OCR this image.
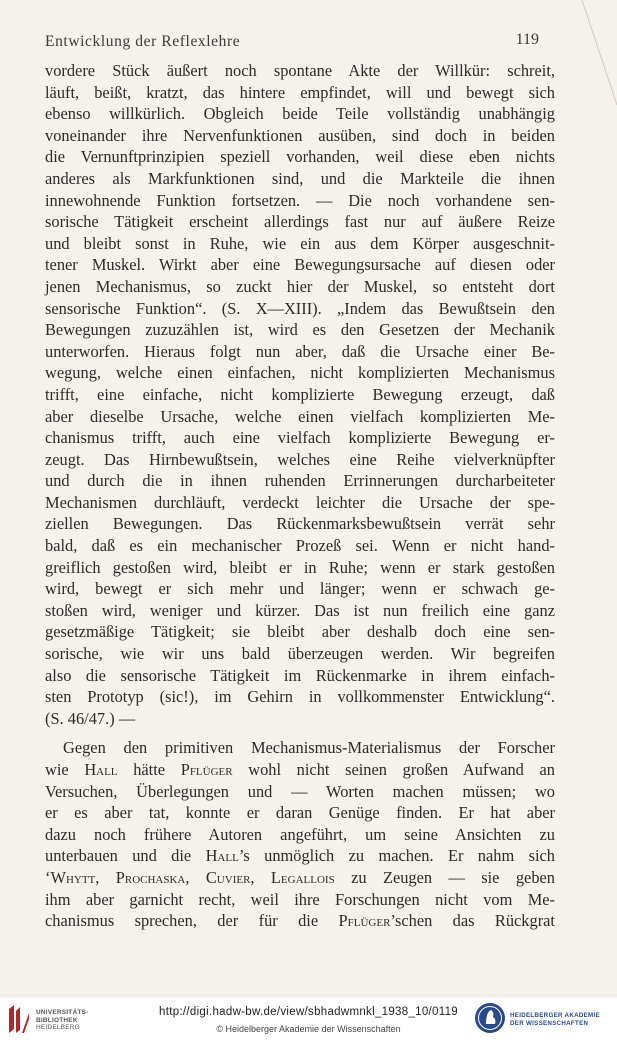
Entwicklung der Reflexlehre	119

vordere Stück äußert noch spontane Akte der Willkür: schreit,
läuft, beißt, kratzt, das hintere empfindet, will und bewegt sich
ebenso willkürlich. Obgleich beide Teile vollständig unabhängig
voneinander ihre Nervenfunktionen ausüben, sind doch in beiden
die Vernunftprinzipien speziell vorhanden, weil diese eben nichts
anderes als Markfunktionen sind, und die Markteile die ihnen
innewohnende Funktion fortsetzen. — Die noch vorhandene sen-
sorische Tätigkeit erscheint allerdings fast nur auf äußere Reize
und bleibt sonst in Ruhe, wie ein aus dem Körper ausgeschnit-
tener Muskel. Wirkt aber eine Bewegungsursache auf diesen oder
jenen Mechanismus, so zuckt hier der Muskel, so entsteht dort
sensorische Funktion“. (S. X—XIII). „Indem das Bewußtsein den
Bewegungen zuzuzählen ist, wird es den Gesetzen der Mechanik
unterworfen. Hieraus folgt nun aber, daß die Ursache einer Be-
wegung, welche einen einfachen, nicht komplizierten Mechanismus
trifft, eine einfache, nicht komplizierte Bewegung erzeugt, daß
aber dieselbe Ursache, welche einen vielfach komplizierten Me-
chanismus trifft, auch eine vielfach komplizierte Bewegung er-
zeugt. Das Hirnbewußtsein, welches eine Reihe vielverknüpfter
und durch die in ihnen ruhenden Errinnerungen durcharbeiteter
Mechanismen durchläuft, verdeckt leichter die Ursache der spe-
ziellen Bewegungen. Das Rückenmarksbewußtsein verrät sehr
bald, daß es ein mechanischer Prozeß sei. Wenn er nicht hand-
greiflich gestoßen wird, bleibt er in Ruhe; wenn er stark gestoßen
wird, bewegt er sich mehr und länger; wenn er schwach ge-
stoßen wird, weniger und kürzer. Das ist nun freilich eine ganz
gesetzmäßige Tätigkeit; sie bleibt aber deshalb doch eine sen-
sorische, wie wir uns bald überzeugen werden. Wir begreifen
also die sensorische Tätigkeit im Rückenmarke in ihrem einfach-
sten Prototyp (sic!), im Gehirn in vollkommenster Entwicklung“.

(S. 46/47.) —

Gegen den primitiven Mechanismus-Materialismus der Forscher
wie Hall hätte Pflüger wohl nicht seinen großen Aufwand an
Versuchen, Überlegungen und — Worten machen müssen; wo
er es aber tat, konnte er daran Genüge finden. Er hat aber
dazu noch frühere Autoren angeführt, um seine Ansichten zu
unterbauen und die Hall’s unmöglich zu machen. Er nahm sich
‘Whytt, Prochaska, Cuvier, Legallois zu Zeugen — sie geben
ihm aber garnicht recht, weil ihre Forschungen nicht vom Me-
chanismus sprechen, der für die Pflüger’schen das Rückgrat

UNIVERSITÄTS-
BIBLIOTHEK
HEIDELBERG
http://digi.hadw-bw.de/view/sbhadwmnkl_1938_10/0119
© Heidelberger Akademie der Wissenschaften
HEIDELBERGER AKADEMIE
DER WISSENSCHAFTEN
